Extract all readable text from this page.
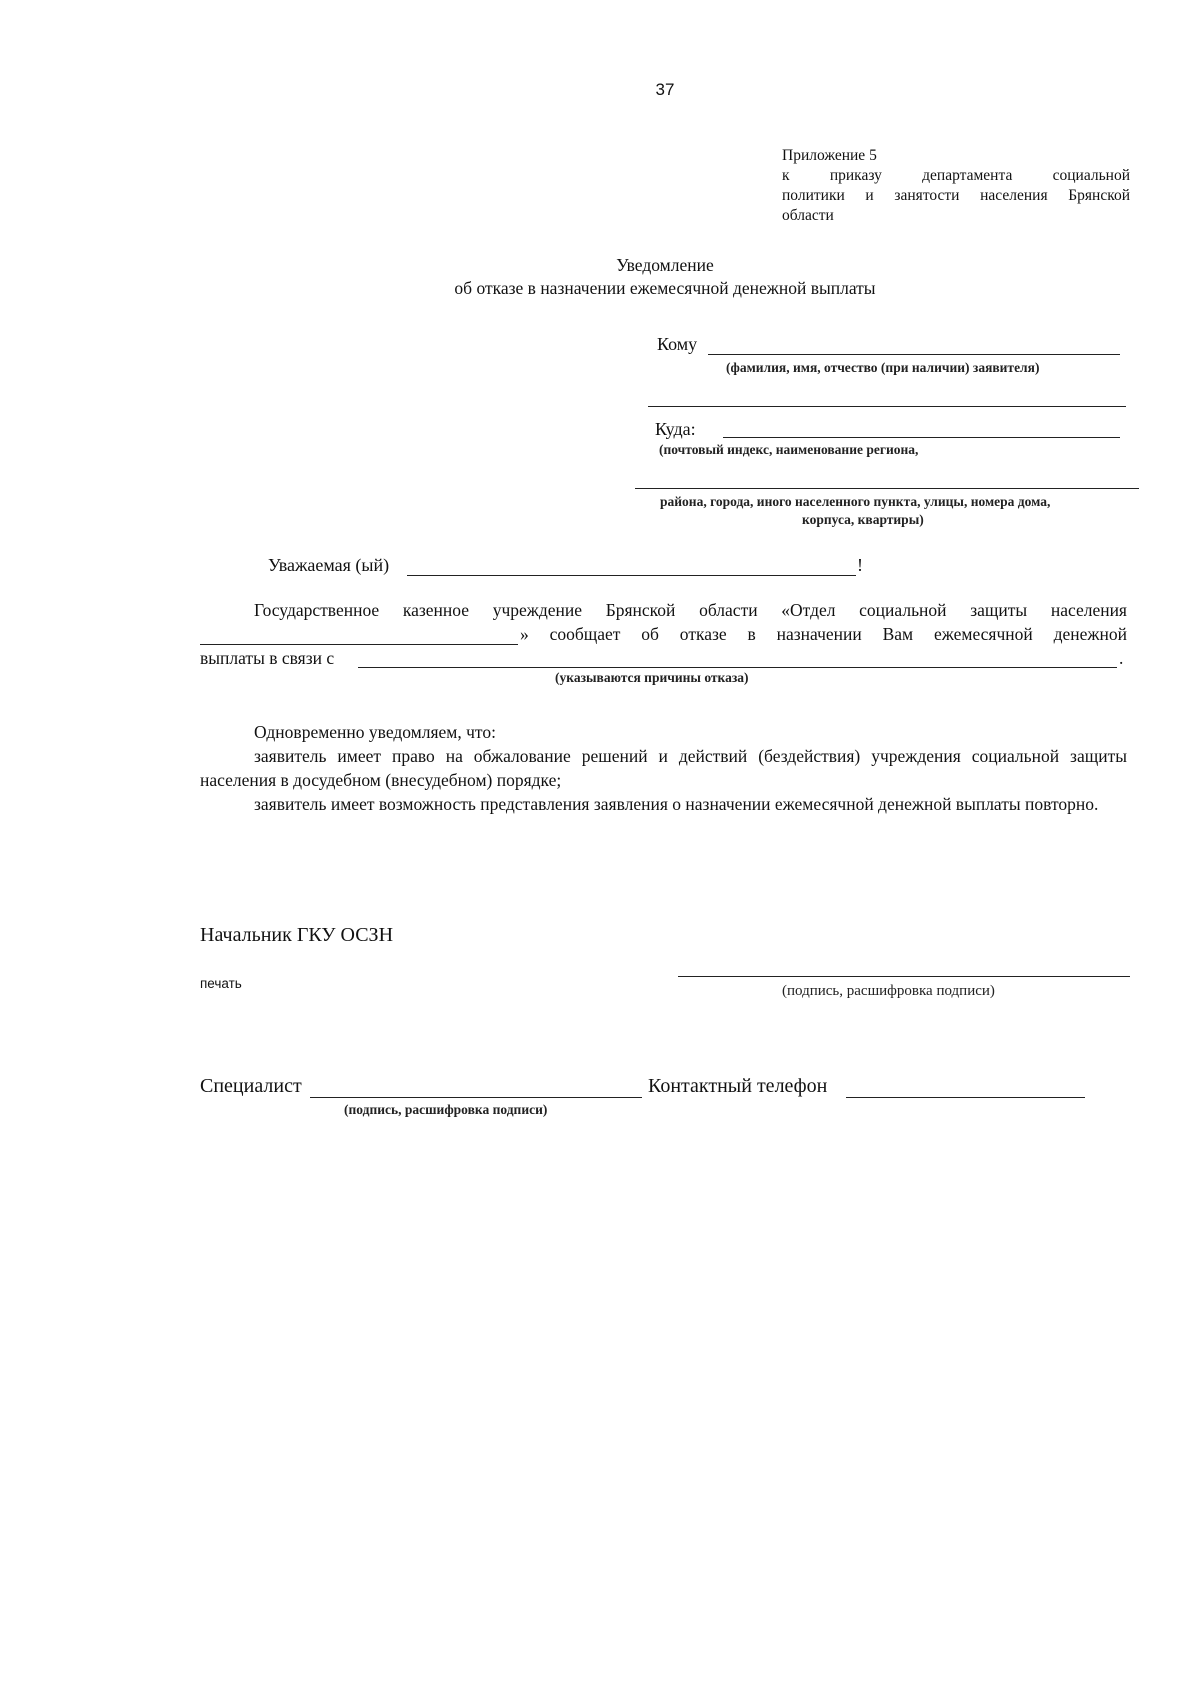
37
Приложение 5
к приказу департамента социальной
политики и занятости населения Брянской
области
Уведомление
об отказе в назначении ежемесячной денежной выплаты
Кому
(фамилия, имя, отчество (при наличии) заявителя)
Куда:
(почтовый индекс, наименование региона,
района, города, иного населенного пункта, улицы, номера дома,
корпуса, квартиры)
Уважаемая (ый)	!
Государственное казенное учреждение Брянской области «Отдел социальной защиты населения
» сообщает об отказе в назначении Вам ежемесячной денежной
выплаты в связи с	.
(указываются причины отказа)
Одновременно уведомляем, что:
заявитель имеет право на обжалование решений и действий (бездействия) учреждения социальной защиты населения в досудебном (внесудебном) порядке;
заявитель имеет возможность представления заявления о назначении ежемесячной денежной выплаты повторно.
Начальник ГКУ ОСЗН
печать	(подпись, расшифровка подписи)
Специалист
(подпись, расшифровка подписи)
Контактный телефон
